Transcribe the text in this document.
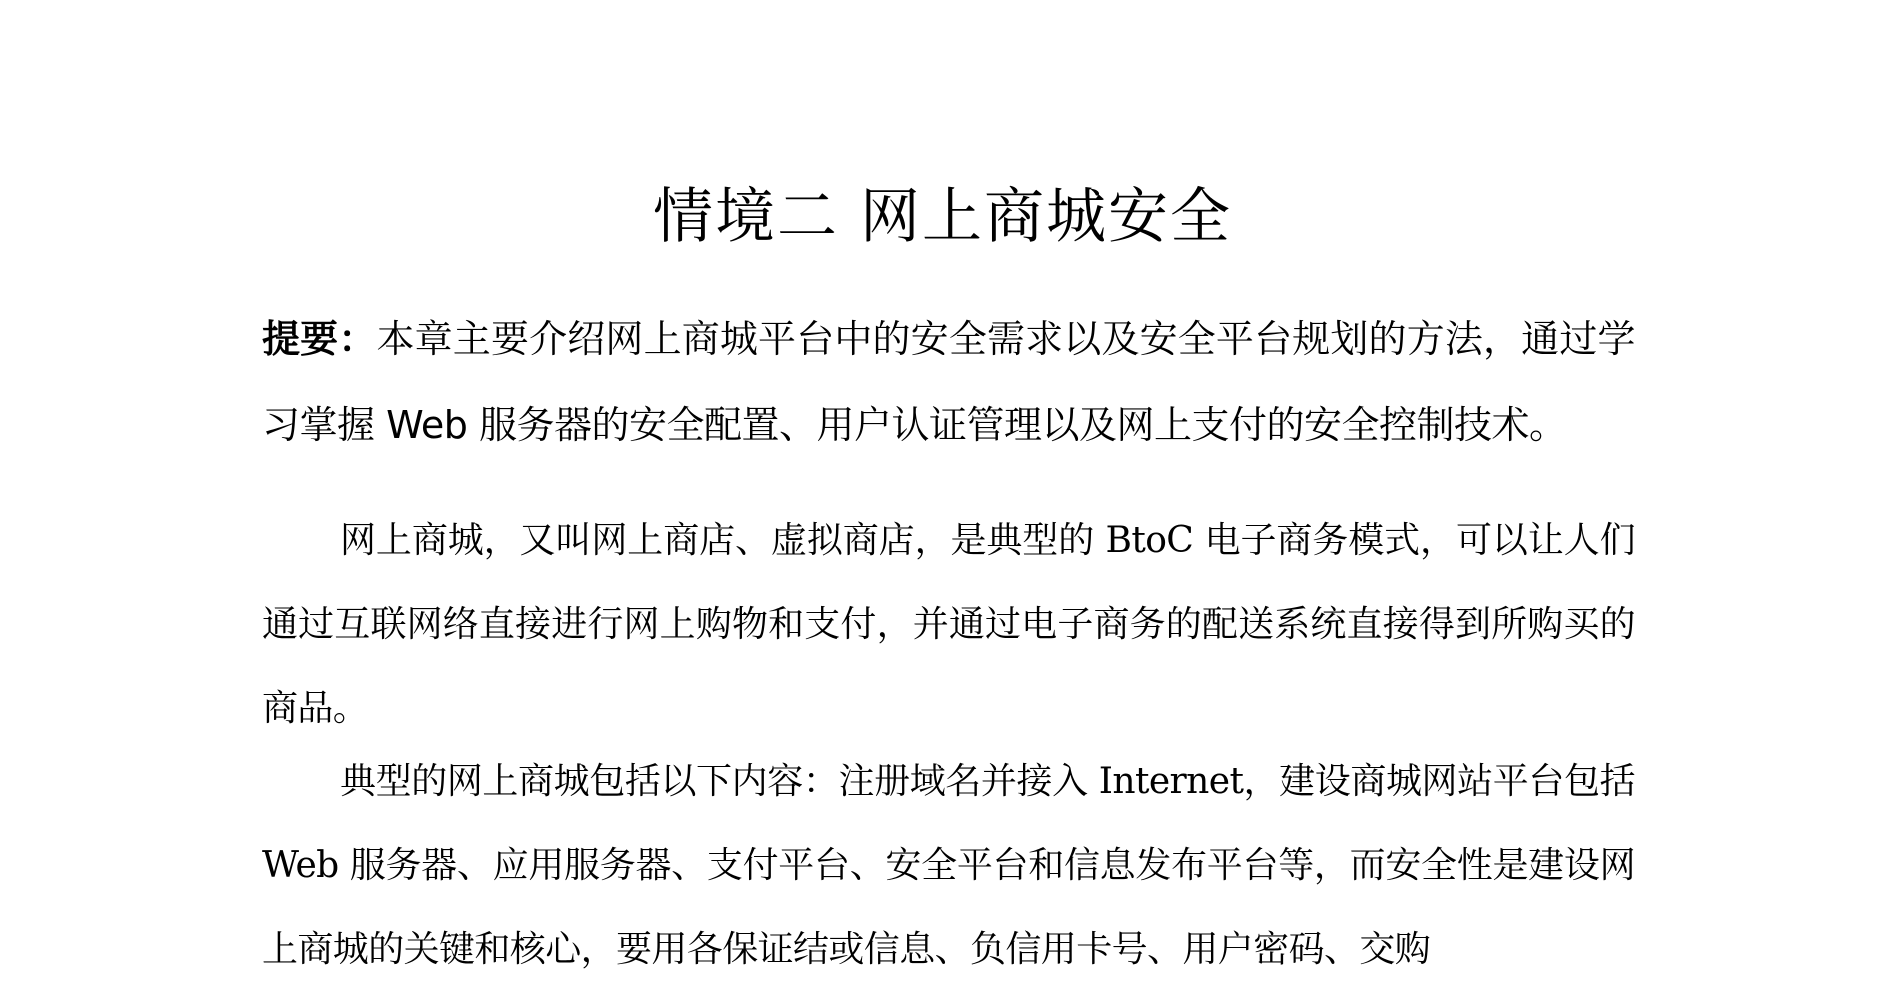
情境二 网上商城安全
提要：本章主要介绍网上商城平台中的安全需求以及安全平台规划的方法，通过学习掌握 Web 服务器的安全配置、用户认证管理以及网上支付的安全控制技术。

网上商城，又叫网上商店、虚拟商店，是典型的 BtoC 电子商务模式，可以让人们通过互联网络直接进行网上购物和支付，并通过电子商务的配送系统直接得到所购买的商品。

典型的网上商城包括以下内容：注册域名并接入 Internet，建设商城网站平台包括 Web 服务器、应用服务器、支付平台、安全平台和信息发布平台等，而安全性是建设网上商城的关键和核心，要用各保证结或信息、负信用卡号、用户密码、交购
